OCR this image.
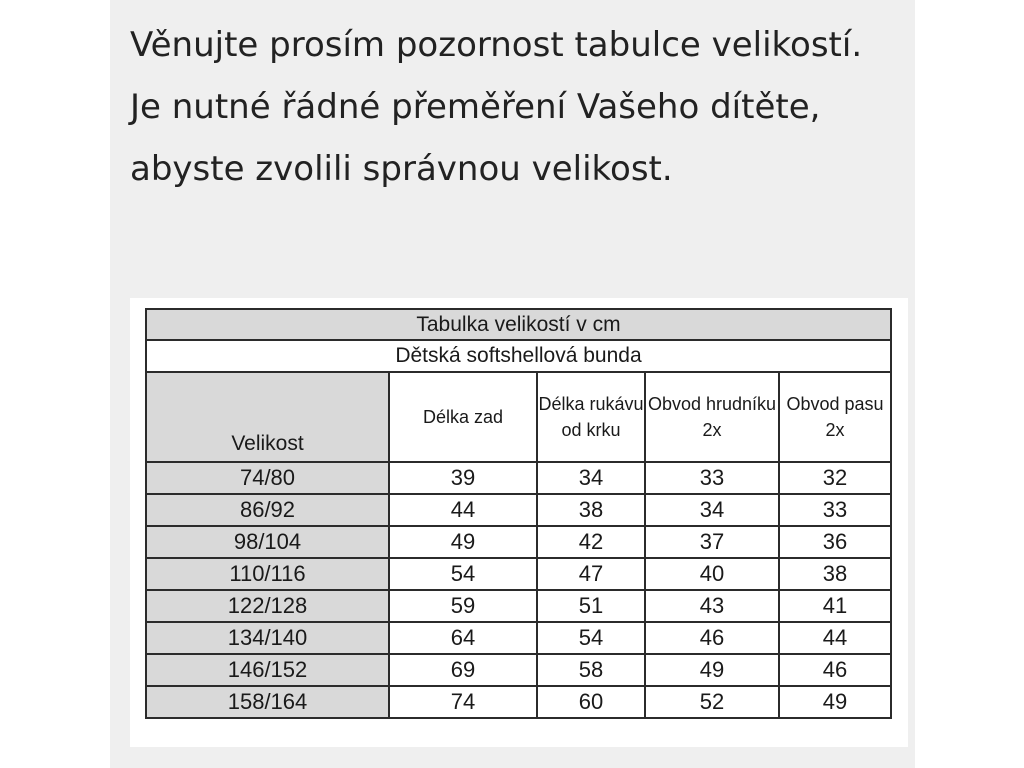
Věnujte prosím pozornost tabulce velikostí. Je nutné řádné přeměření Vašeho dítěte, abyste zvolili správnou velikost.

Tabulka velikostí v cm				
Dětská softshellová bunda				
Velikost	Délka zad	Délka rukávu od krku	Obvod hrudníku 2x	Obvod pasu 2x
74/80	39	34	33	32
86/92	44	38	34	33
98/104	49	42	37	36
110/116	54	47	40	38
122/128	59	51	43	41
134/140	64	54	46	44
146/152	69	58	49	46
158/164	74	60	52	49
